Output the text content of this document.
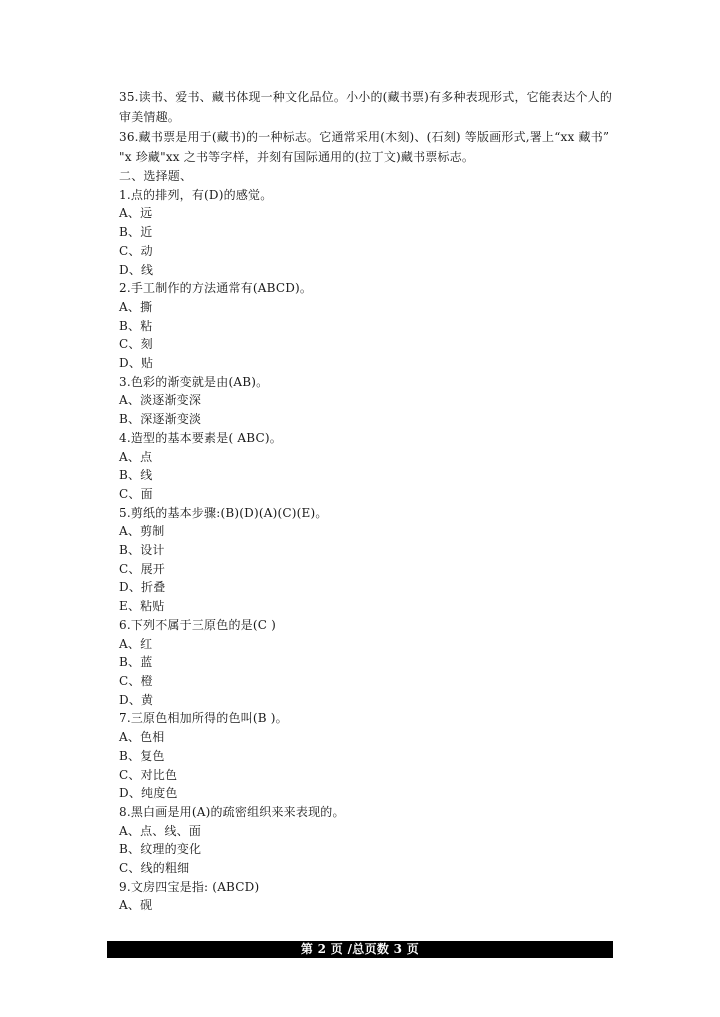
35.读书、爱书、藏书体现一种文化品位。小小的(藏书票)有多种表现形式，它能表达个人的审美情趣。

36.藏书票是用于(藏书)的一种标志。它通常采用(木刻)、(石刻) 等版画形式,署上“xx 藏书” "x 珍藏"xx 之书等字样，并刻有国际通用的(拉丁文)藏书票标志。

二、选择题、

1.点的排列，有(D)的感觉。

A、远

B、近

C、动

D、线

2.手工制作的方法通常有(ABCD)。

A、撕

B、粘

C、刻

D、贴

3.色彩的渐变就是由(AB)。

A、淡逐渐变深

B、深逐渐变淡

4.造型的基本要素是( ABC)。

A、点

B、线

C、面

5.剪纸的基本步骤:(B)(D)(A)(C)(E)。

A、剪制

B、设计

C、展开

D、折叠

E、粘贴

6.下列不属于三原色的是(C )

A、红

B、蓝

C、橙

D、黄

7.三原色相加所得的色叫(B )。

A、色相

B、复色

C、对比色

D、纯度色

8.黑白画是用(A)的疏密组织来来表现的。

A、点、线、面

B、纹理的变化

C、线的粗细

9.文房四宝是指: (ABCD)

A、砚

第 2 页 /总页数 3 页
